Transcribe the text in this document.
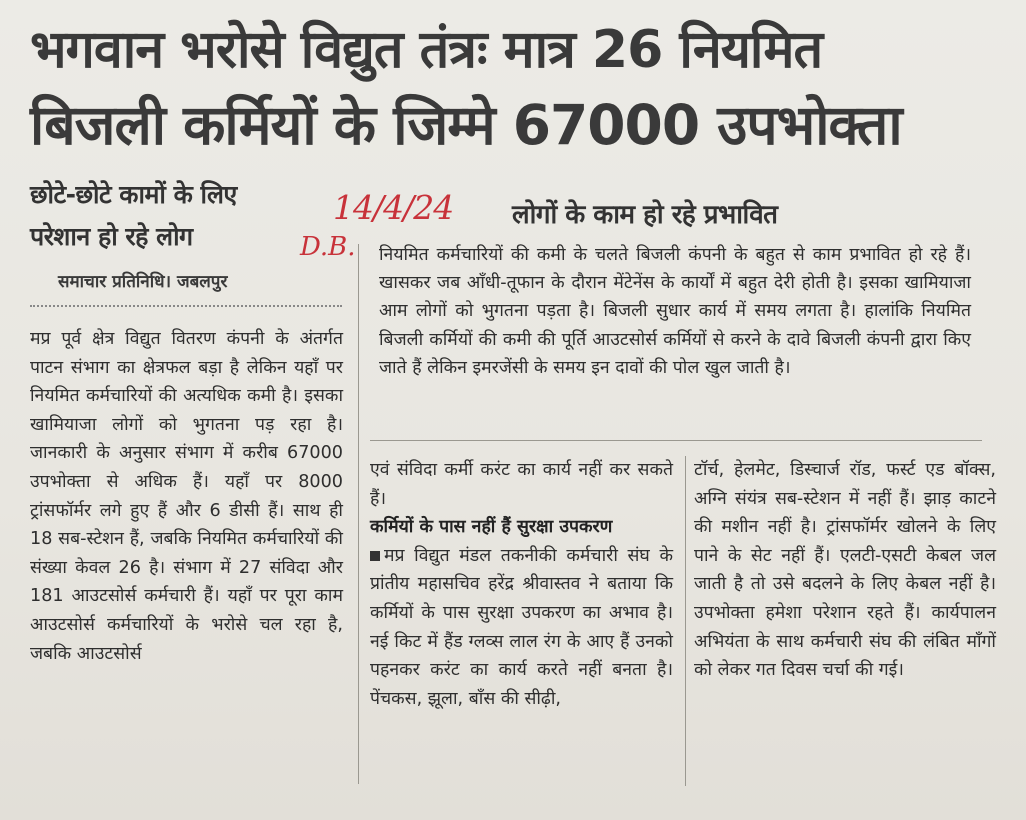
भगवान भरोसे विद्युत तंत्रः मात्र 26 नियमित
बिजली कर्मियों के जिम्मे 67000 उपभोक्ता
छोटे-छोटे कामों के लिए
परेशान हो रहे लोग
लोगों के काम हो रहे प्रभावित
14/4/24
D.B.
समाचार प्रतिनिधि। जबलपुर

नियमित कर्मचारियों की कमी के चलते बिजली कंपनी के बहुत से काम प्रभावित हो रहे हैं। खासकर जब आँधी-तूफान के दौरान मेंटेनेंस के कार्यों में बहुत देरी होती है। इसका खामियाजा आम लोगों को भुगतना पड़ता है। बिजली सुधार कार्य में समय लगता है। हालांकि नियमित बिजली कर्मियों की कमी की पूर्ति आउटसोर्स कर्मियों से करने के दावे बिजली कंपनी द्वारा किए जाते हैं लेकिन इमरजेंसी के समय इन दावों की पोल खुल जाती है।

मप्र पूर्व क्षेत्र विद्युत वितरण कंपनी के अंतर्गत पाटन संभाग का क्षेत्रफल बड़ा है लेकिन यहाँ पर नियमित कर्मचारियों की अत्यधिक कमी है। इसका खामियाजा लोगों को भुगतना पड़ रहा है। जानकारी के अनुसार संभाग में करीब 67000 उपभोक्ता से अधिक हैं। यहाँ पर 8000 ट्रांसफॉर्मर लगे हुए हैं और 6 डीसी हैं। साथ ही 18 सब-स्टेशन हैं, जबकि नियमित कर्मचारियों की संख्या केवल 26 है। संभाग में 27 संविदा और 181 आउटसोर्स कर्मचारी हैं। यहाँ पर पूरा काम आउटसोर्स कर्मचारियों के भरोसे चल रहा है, जबकि आउटसोर्स

एवं संविदा कर्मी करंट का कार्य नहीं कर सकते हैं।

कर्मियों के पास नहीं हैं सुरक्षा उपकरण

मप्र विद्युत मंडल तकनीकी कर्मचारी संघ के प्रांतीय महासचिव हरेंद्र श्रीवास्तव ने बताया कि कर्मियों के पास सुरक्षा उपकरण का अभाव है। नई किट में हैंड ग्लव्स लाल रंग के आए हैं उनको पहनकर करंट का कार्य करते नहीं बनता है। पेंचकस, झूला, बाँस की सीढ़ी,

टॉर्च, हेलमेट, डिस्चार्ज रॉड, फर्स्ट एड बॉक्स, अग्नि संयंत्र सब-स्टेशन में नहीं हैं। झाड़ काटने की मशीन नहीं है। ट्रांसफॉर्मर खोलने के लिए पाने के सेट नहीं हैं। एलटी-एसटी केबल जल जाती है तो उसे बदलने के लिए केबल नहीं है। उपभोक्ता हमेशा परेशान रहते हैं। कार्यपालन अभियंता के साथ कर्मचारी संघ की लंबित माँगों को लेकर गत दिवस चर्चा की गई।
